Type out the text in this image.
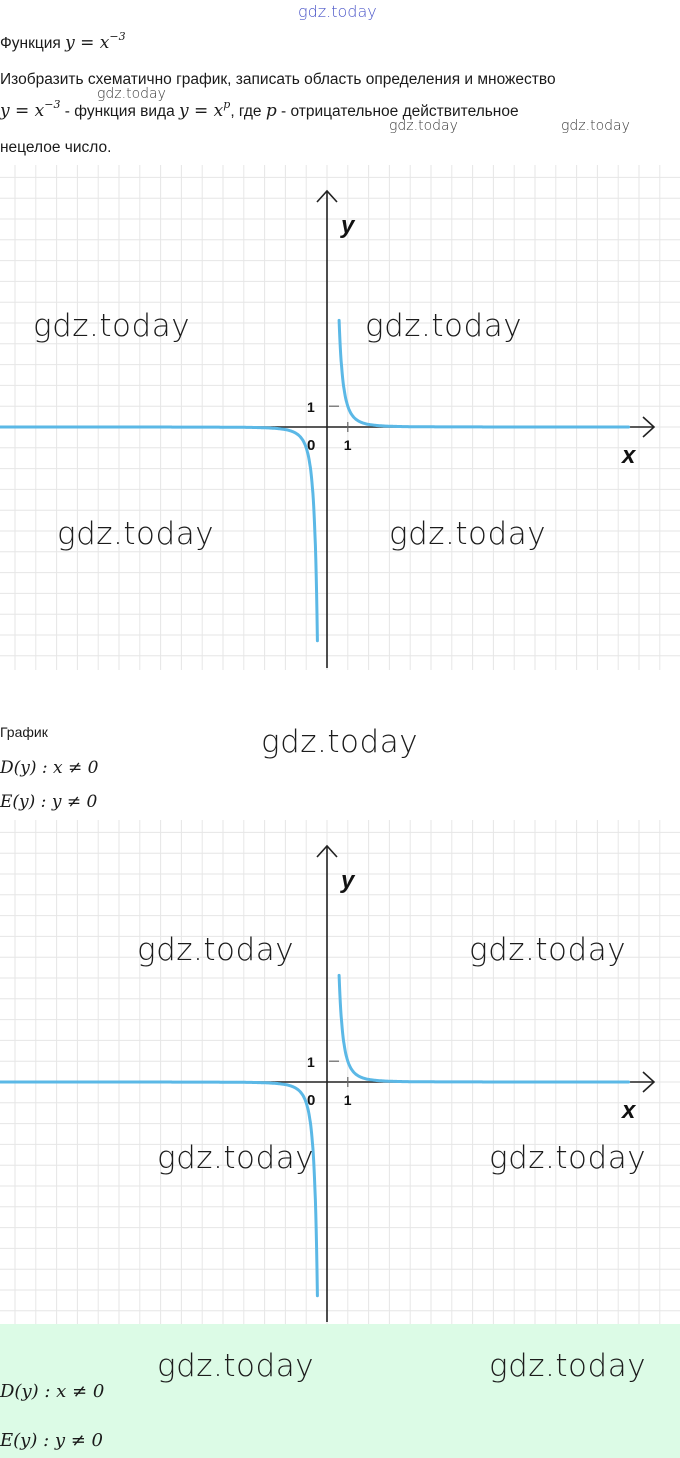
gdz.today
Функция $y = x^{-3}$
Изобразить схематично график, записать область определения и множество
$y = x^{-3}$ - функция вида $y = x^p$, где p - отрицательное действительное
нецелое число.
gdz.today
gdz.today	gdz.today
0 1
1
y
x
График
D(y) : x ≠ 0
E(y) : y ≠ 0
0 1
1
y
x
D(y) : x ≠ 0
E(y) : y ≠ 0
gdz.today	gdz.today
gdz.today	gdz.today
gdz.today
gdz.today	gdz.today
gdz.today	gdz.today
gdz.today	gdz.today
